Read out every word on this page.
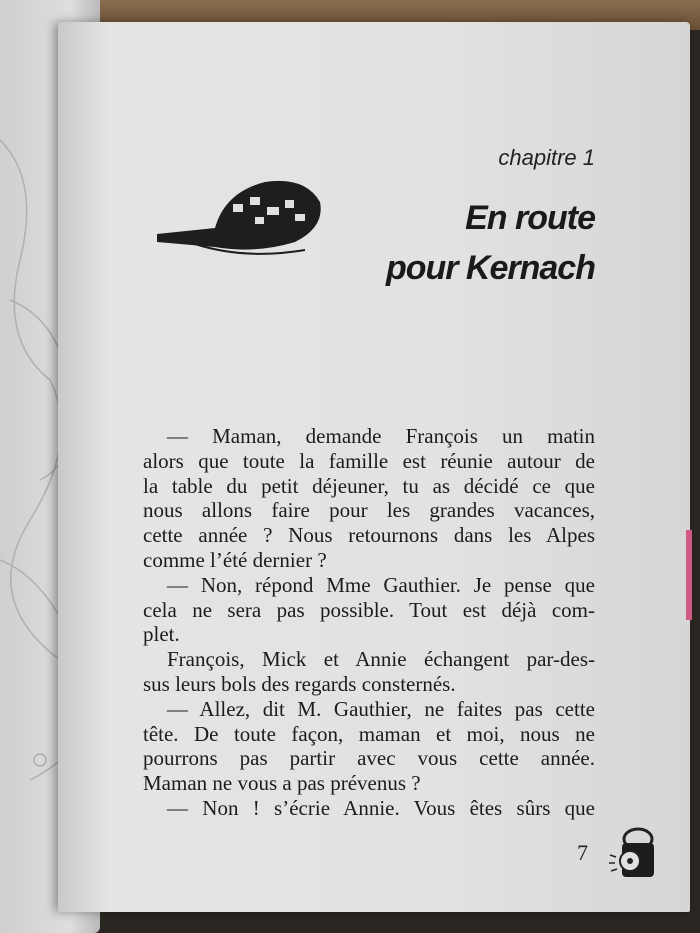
chapitre 1
En route
pour Kernach
— Maman, demande François un matin
alors que toute la famille est réunie autour de
la table du petit déjeuner, tu as décidé ce que
nous allons faire pour les grandes vacances,
cette année ? Nous retournons dans les Alpes
comme l’été dernier ?
— Non, répond Mme Gauthier. Je pense que
cela ne sera pas possible. Tout est déjà com-
plet.
François, Mick et Annie échangent par-des-
sus leurs bols des regards consternés.
— Allez, dit M. Gauthier, ne faites pas cette
tête. De toute façon, maman et moi, nous ne
pourrons pas partir avec vous cette année.
Maman ne vous a pas prévenus ?
— Non ! s’écrie Annie. Vous êtes sûrs que
7
